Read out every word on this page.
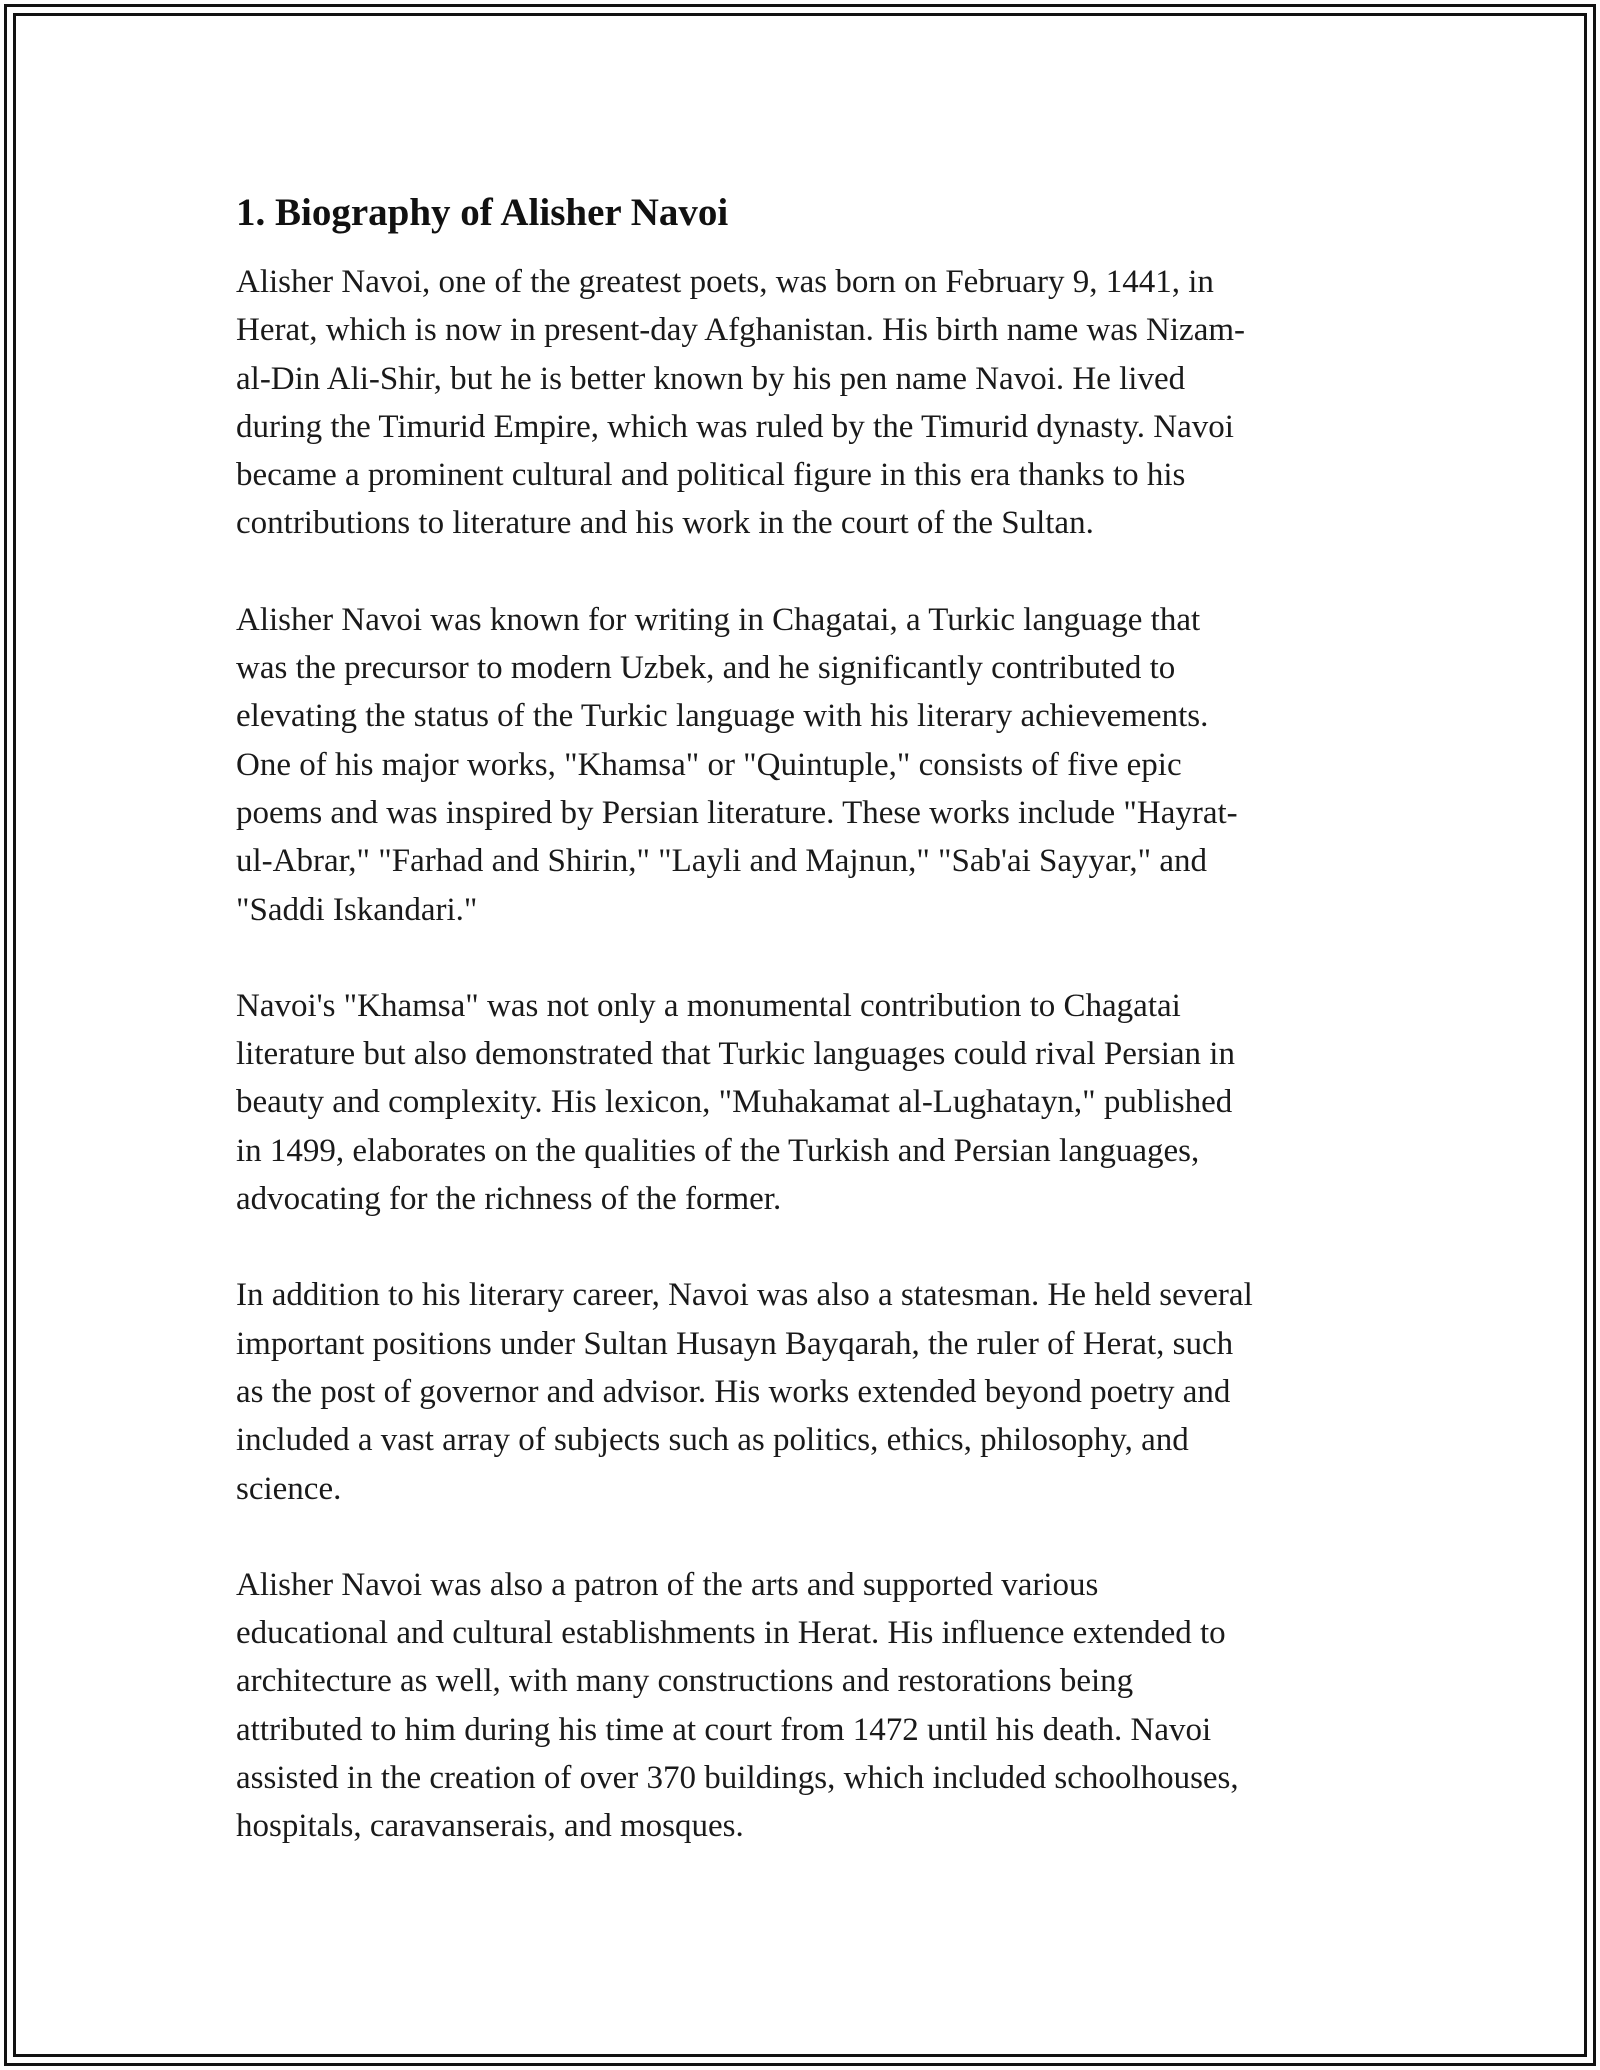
1. Biography of Alisher Navoi

Alisher Navoi, one of the greatest poets, was born on February 9, 1441, in
Herat, which is now in present-day Afghanistan. His birth name was Nizam-
al-Din Ali-Shir, but he is better known by his pen name Navoi. He lived
during the Timurid Empire, which was ruled by the Timurid dynasty. Navoi
became a prominent cultural and political figure in this era thanks to his
contributions to literature and his work in the court of the Sultan.

Alisher Navoi was known for writing in Chagatai, a Turkic language that
was the precursor to modern Uzbek, and he significantly contributed to
elevating the status of the Turkic language with his literary achievements.
One of his major works, "Khamsa" or "Quintuple," consists of five epic
poems and was inspired by Persian literature. These works include "Hayrat-
ul-Abrar," "Farhad and Shirin," "Layli and Majnun," "Sab'ai Sayyar," and
"Saddi Iskandari."

Navoi's "Khamsa" was not only a monumental contribution to Chagatai
literature but also demonstrated that Turkic languages could rival Persian in
beauty and complexity. His lexicon, "Muhakamat al-Lughatayn," published
in 1499, elaborates on the qualities of the Turkish and Persian languages,
advocating for the richness of the former.

In addition to his literary career, Navoi was also a statesman. He held several
important positions under Sultan Husayn Bayqarah, the ruler of Herat, such
as the post of governor and advisor. His works extended beyond poetry and
included a vast array of subjects such as politics, ethics, philosophy, and
science.

Alisher Navoi was also a patron of the arts and supported various
educational and cultural establishments in Herat. His influence extended to
architecture as well, with many constructions and restorations being
attributed to him during his time at court from 1472 until his death. Navoi
assisted in the creation of over 370 buildings, which included schoolhouses,
hospitals, caravanserais, and mosques.
